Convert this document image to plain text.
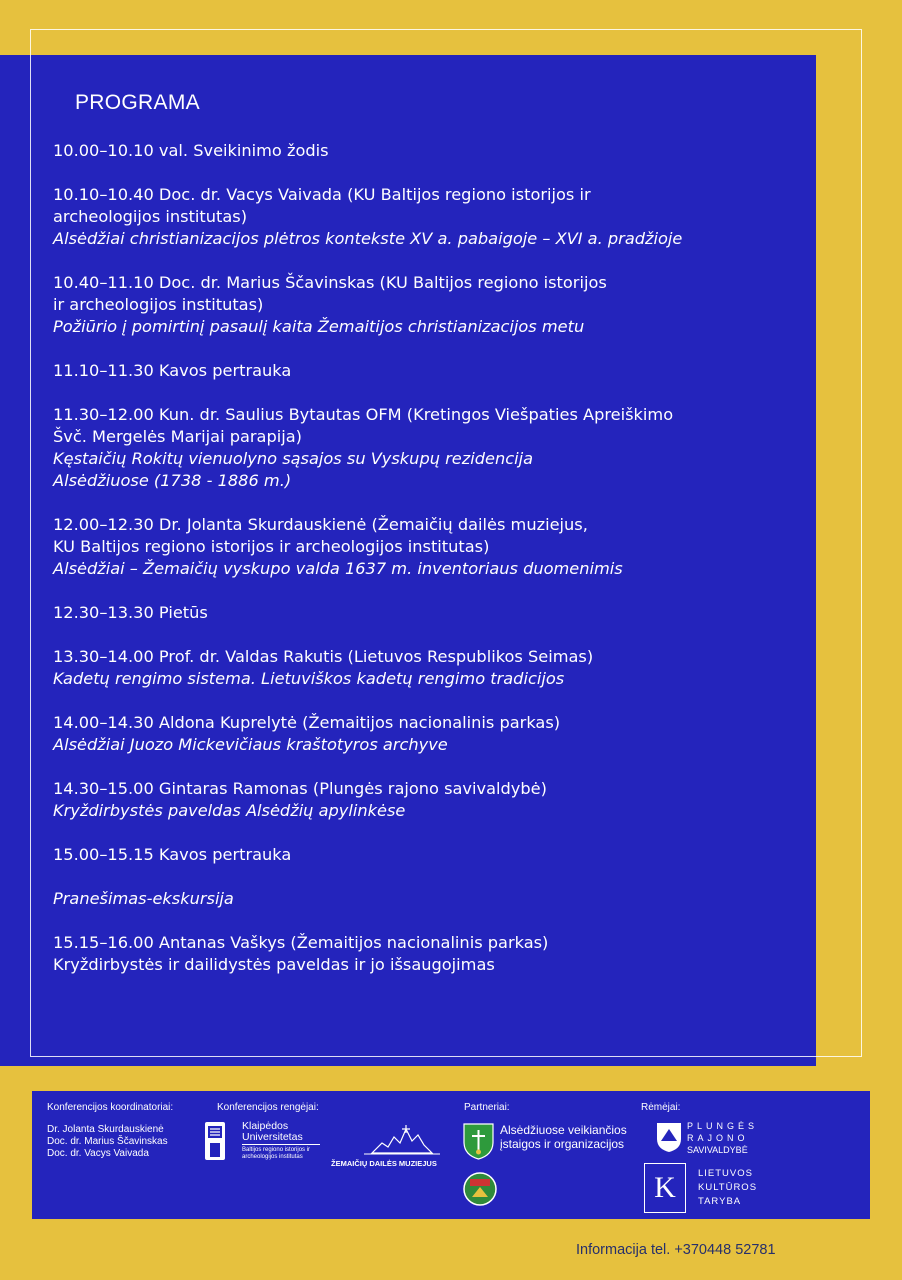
PROGRAMA
10.00–10.10 val. Sveikinimo žodis
10.10–10.40 Doc. dr. Vacys Vaivada (KU Baltijos regiono istorijos ir
archeologijos institutas)
Alsėdžiai christianizacijos plėtros kontekste XV a. pabaigoje – XVI a. pradžioje
10.40–11.10 Doc. dr. Marius Ščavinskas (KU Baltijos regiono istorijos
ir archeologijos institutas)
Požiūrio į pomirtinį pasaulį kaita Žemaitijos christianizacijos metu
11.10–11.30 Kavos pertrauka
11.30–12.00 Kun. dr. Saulius Bytautas OFM (Kretingos Viešpaties Apreiškimo
Švč. Mergelės Marijai parapija)
Kęstaičių Rokitų vienuolyno sąsajos su Vyskupų rezidencija
Alsėdžiuose (1738 - 1886 m.)
12.00–12.30 Dr. Jolanta Skurdauskienė (Žemaičių dailės muziejus,
KU Baltijos regiono istorijos ir archeologijos institutas)
Alsėdžiai – Žemaičių vyskupo valda 1637 m. inventoriaus duomenimis
12.30–13.30 Pietūs
13.30–14.00 Prof. dr. Valdas Rakutis (Lietuvos Respublikos Seimas)
Kadetų rengimo sistema. Lietuviškos kadetų rengimo tradicijos
14.00–14.30 Aldona Kuprelytė (Žemaitijos nacionalinis parkas)
Alsėdžiai Juozo Mickevičiaus kraštotyros archyve
14.30–15.00 Gintaras Ramonas (Plungės rajono savivaldybė)
Kryždirbystės paveldas Alsėdžių apylinkėse
15.00–15.15 Kavos pertrauka
Pranešimas-ekskursija
15.15–16.00 Antanas Vaškys (Žemaitijos nacionalinis parkas)
Kryždirbystės ir dailidystės paveldas ir jo išsaugojimas
Konferencijos koordinatoriai:
Dr. Jolanta Skurdauskienė
Doc. dr. Marius Ščavinskas
Doc. dr. Vacys Vaivada
Konferencijos rengėjai:
Klaipėdos
Universitetas
Baltijos regiono istorijos ir
archeologijos institutas
ŽEMAIČIŲ DAILĖS MUZIEJUS
Partneriai:
Alsėdžiuose veikiančios
įstaigos ir organizacijos
Rėmėjai:
PLUNGĖS
RAJONO
SAVIVALDYBĖ
K	LIETUVOS
KULTŪROS
TARYBA
Informacija tel. +370448 52781
